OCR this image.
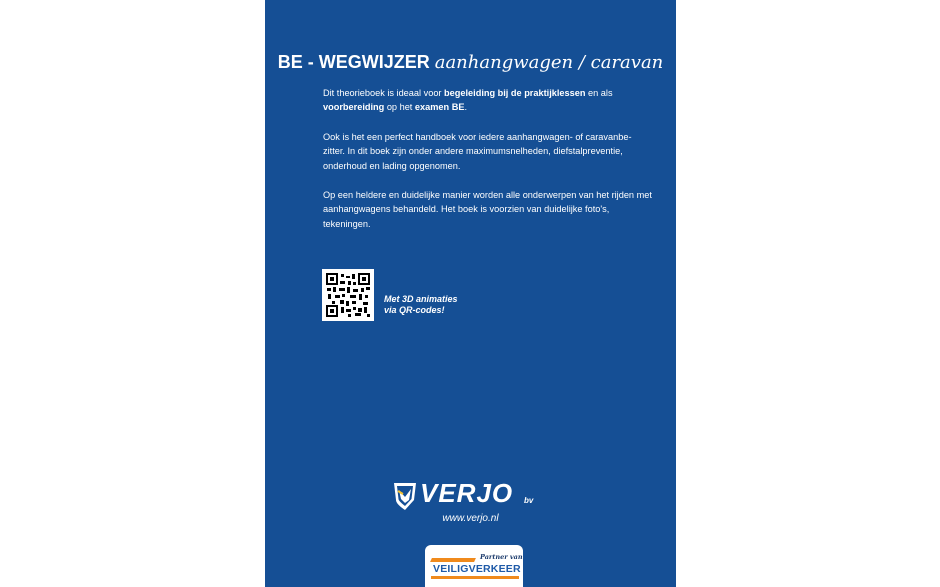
BE - WEGWIJZER aanhangwagen / caravan

Dit theorieboek is ideaal voor begeleiding bij de praktijklessen en als voorbereiding op het examen BE.

Ook is het een perfect handboek voor iedere aanhangwagen- of caravanbe-zitter. In dit boek zijn onder andere maximumsnelheden, diefstalpreventie, onderhoud en lading opgenomen.

Op een heldere en duidelijke manier worden alle onderwerpen van het rijden met aanhangwagens behandeld. Het boek is voorzien van duidelijke foto's, tekeningen.

Met 3D animaties
via QR-codes!
VERJO bv
www.verjo.nl
Partner van
VEILIGVERKEER
